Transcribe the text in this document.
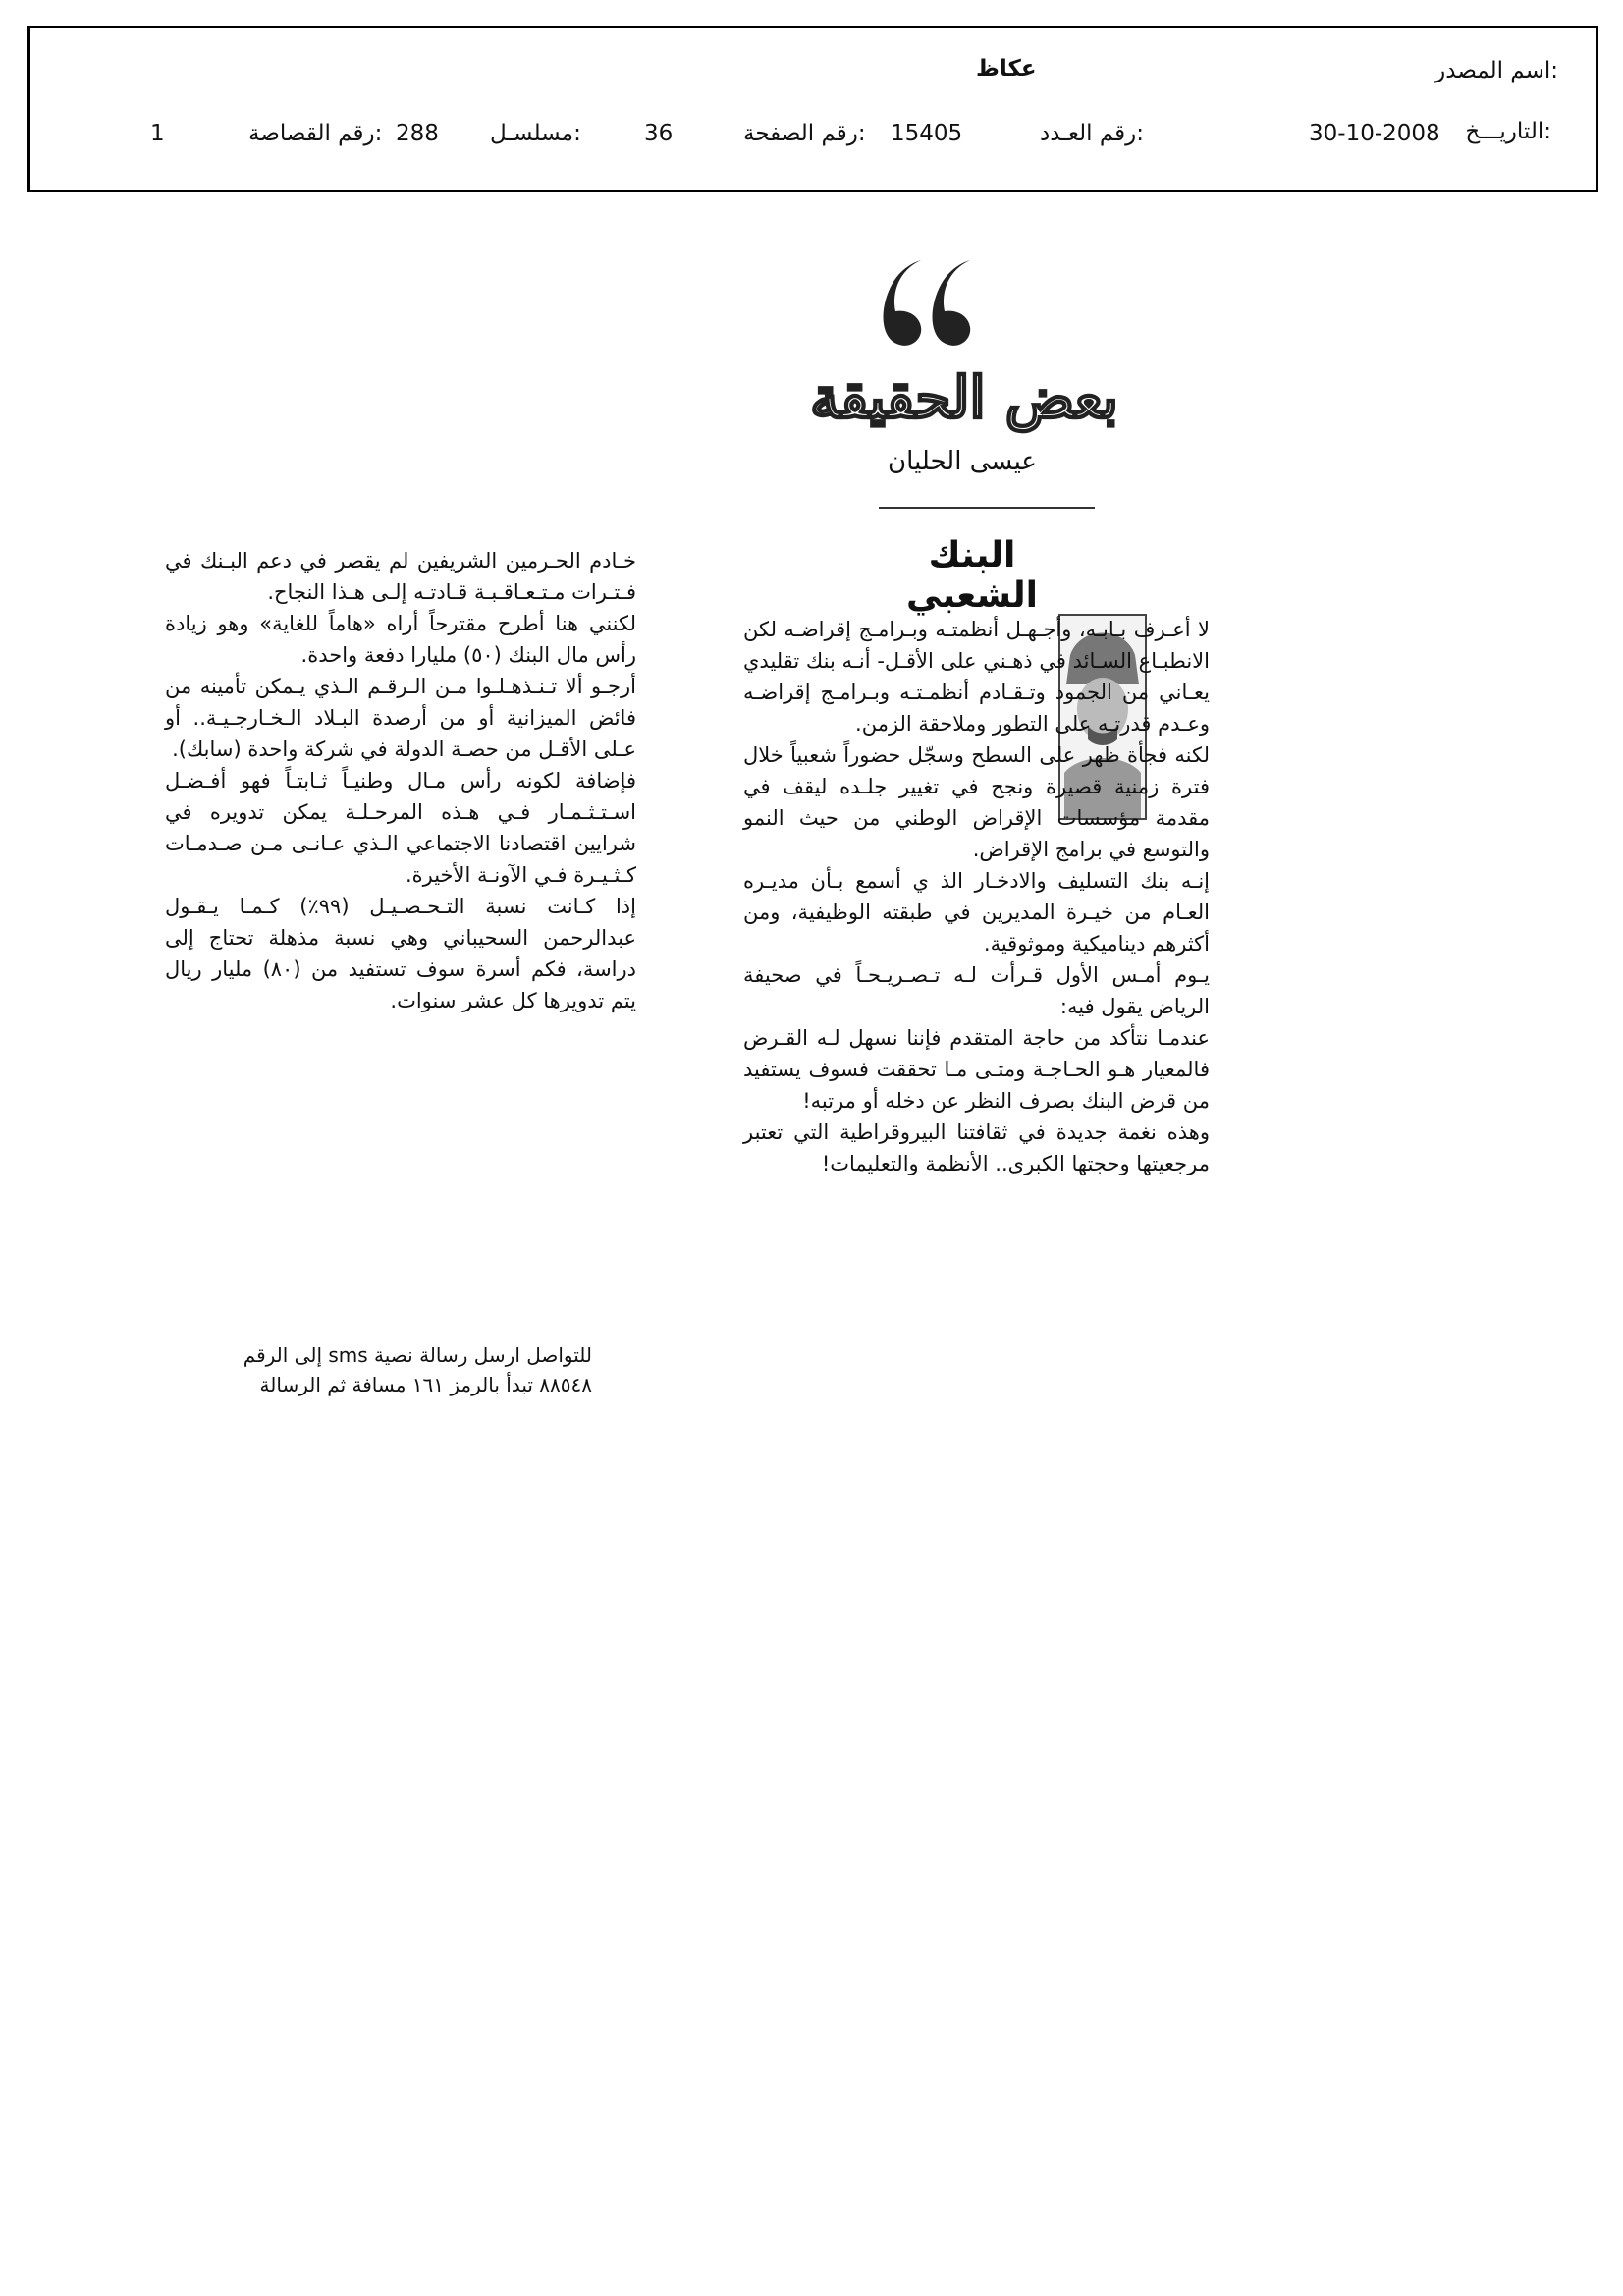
اسم المصدر:
عكاظ
التاريـــخ:
30-10-2008
رقم العـدد:
15405
رقم الصفحة:
36
مسلسـل:
288
رقم القصاصة:
1
بعض الحقيقة
عيسى الحليان
البنك الشعبي

لا أعـرف بـابـه، وأجـهـل أنظمتـه وبـرامـج إقراضـه لكن الانطبـاع السـائد في ذهـني على الأقـل- أنـه بنك تقليدي يعـاني من الجمود وتـقـادم أنظمـتـه وبـرامـج إقراضـه وعـدم قدرتـه على التطور وملاحقة الزمن.

لكنه فجأة ظهر على السطح وسجّل حضوراً شعبياً خلال فترة زمنية قصيرة ونجح في تغيير جلـده ليقف في مقدمة مؤسسات الإقراض الوطني من حيث النمو والتوسع في برامج الإقراض.

إنـه بنك التسليف والادخـار الذ ي أسمع بـأن مديـره العـام من خيـرة المديرين في طبقته الوظيفية، ومن أكثرهم ديناميكية وموثوقية.

يـوم أمـس الأول قـرأت لـه تـصـريـحـاً في صحيفة الرياض يقول فيه:

عندمـا نتأكد من حاجة المتقدم فإننا نسهل لـه القـرض فالمعيار هـو الحـاجـة ومتـى مـا تحققت فسوف يستفيد من قرض البنك بصرف النظر عن دخله أو مرتبه!

وهذه نغمة جديدة في ثقافتنا البيروقراطية التي تعتبر مرجعيتها وحجتها الكبرى.. الأنظمة والتعليمات!

خـادم الحـرمين الشريفين لم يقصر في دعم البـنك في فـتـرات مـتـعـاقـبـة قـادتـه إلـى هـذا النجاح.

لكنني هنا أطرح مقترحاً أراه «هاماً للغاية» وهو زيادة رأس مال البنك (٥٠) مليارا دفعة واحدة.

أرجـو ألا تـنـذهـلـوا مـن الـرقـم الـذي يـمكن تأمينه من فائض الميزانية أو من أرصدة البـلاد الـخـارجـيـة.. أو عـلى الأقـل من حصـة الدولة في شركة واحدة (سابك).

فإضافة لكونه رأس مـال وطنيـاً ثـابتـاً فهو أفـضـل اسـتـثـمـار فـي هـذه المرحـلـة يمكن تدويره في شرايين اقتصادنا الاجتماعي الـذي عـانـى مـن صـدمـات كـثـيـرة فـي الآونـة الأخيرة.

إذا كـانت نسبة التـحـصـيـل (٩٩٪) كـمـا يـقـول عبدالرحمن السحيباني وهي نسبة مذهلة تحتاج إلى دراسة، فكم أسرة سوف تستفيد من (٨٠) مليار ريال يتم تدويرها كل عشر سنوات.

للتواصل ارسل رسالة نصية sms إلى الرقم

٨٨٥٤٨ تبدأ بالرمز ١٦١ مسافة ثم الرسالة
